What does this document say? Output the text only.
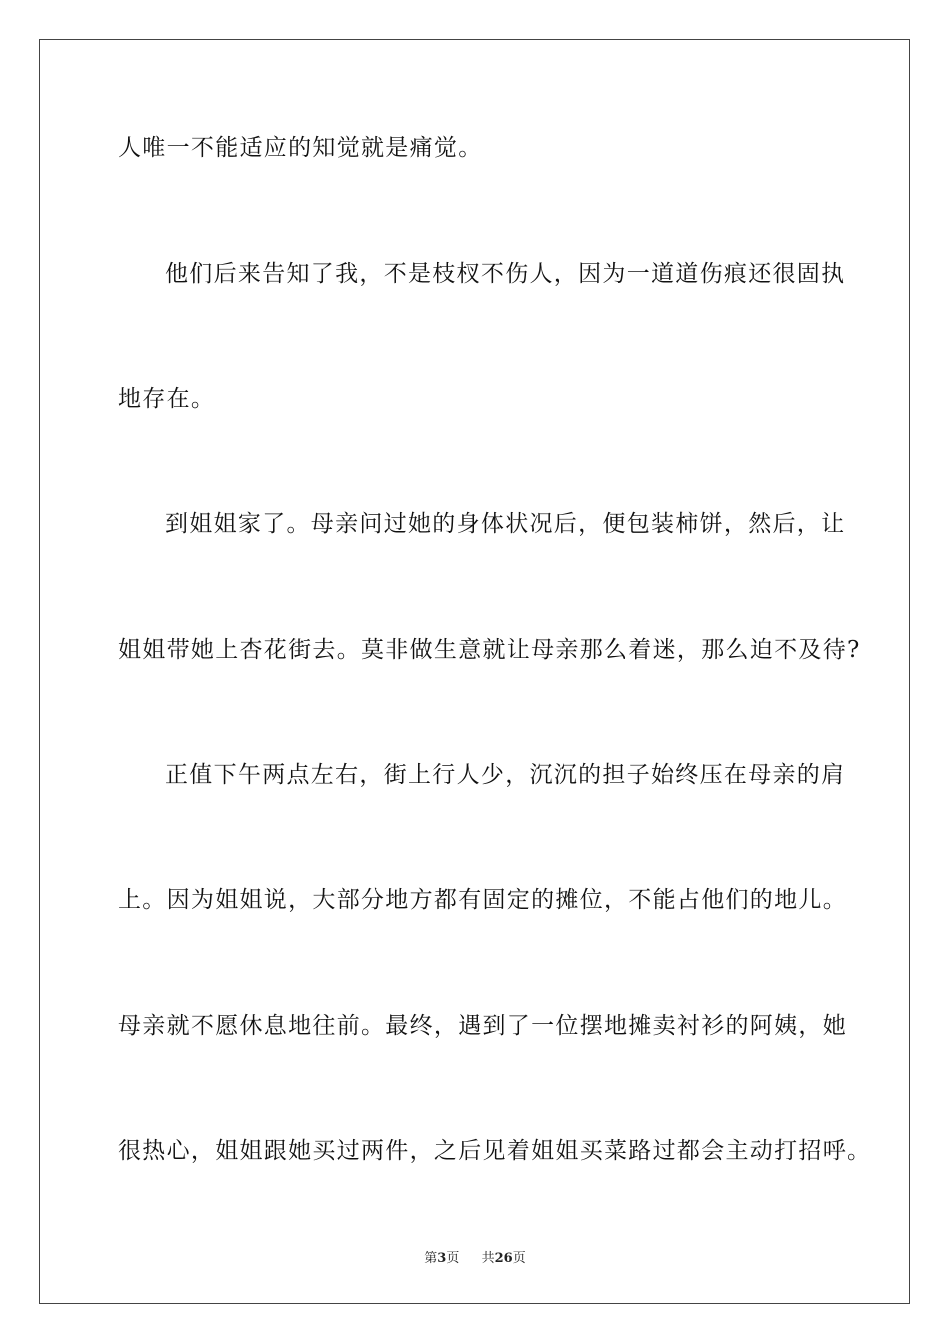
人唯一不能适应的知觉就是痛觉。
他们后来告知了我，不是枝杈不伤人，因为一道道伤痕还很固执
地存在。
到姐姐家了。母亲问过她的身体状况后，便包装柿饼，然后，让
姐姐带她上杏花街去。莫非做生意就让母亲那么着迷，那么迫不及待?
正值下午两点左右，街上行人少，沉沉的担子始终压在母亲的肩
上。因为姐姐说，大部分地方都有固定的摊位，不能占他们的地儿。
母亲就不愿休息地往前。最终，遇到了一位摆地摊卖衬衫的阿姨，她
很热心，姐姐跟她买过两件，之后见着姐姐买菜路过都会主动打招呼。
第3页 共26页
